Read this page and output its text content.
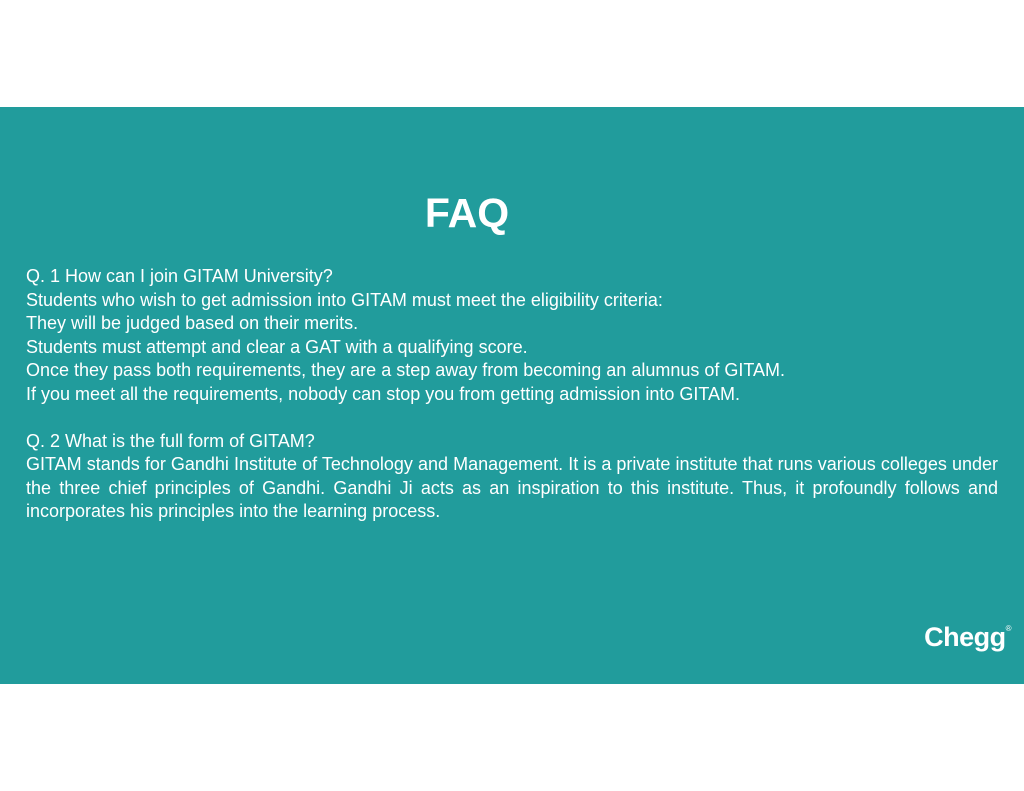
FAQ

Q. 1 How can I join GITAM University?

Students who wish to get admission into GITAM must meet the eligibility criteria:

They will be judged based on their merits.

Students must attempt and clear a GAT with a qualifying score.

Once they pass both requirements, they are a step away from becoming an alumnus of GITAM.

If you meet all the requirements, nobody can stop you from getting admission into GITAM.

Q. 2 What is the full form of GITAM?

GITAM stands for Gandhi Institute of Technology and Management. It is a private institute that runs various colleges under the three chief principles of Gandhi. Gandhi Ji acts as an inspiration to this institute. Thus, it profoundly follows and incorporates his principles into the learning process.

Chegg®
